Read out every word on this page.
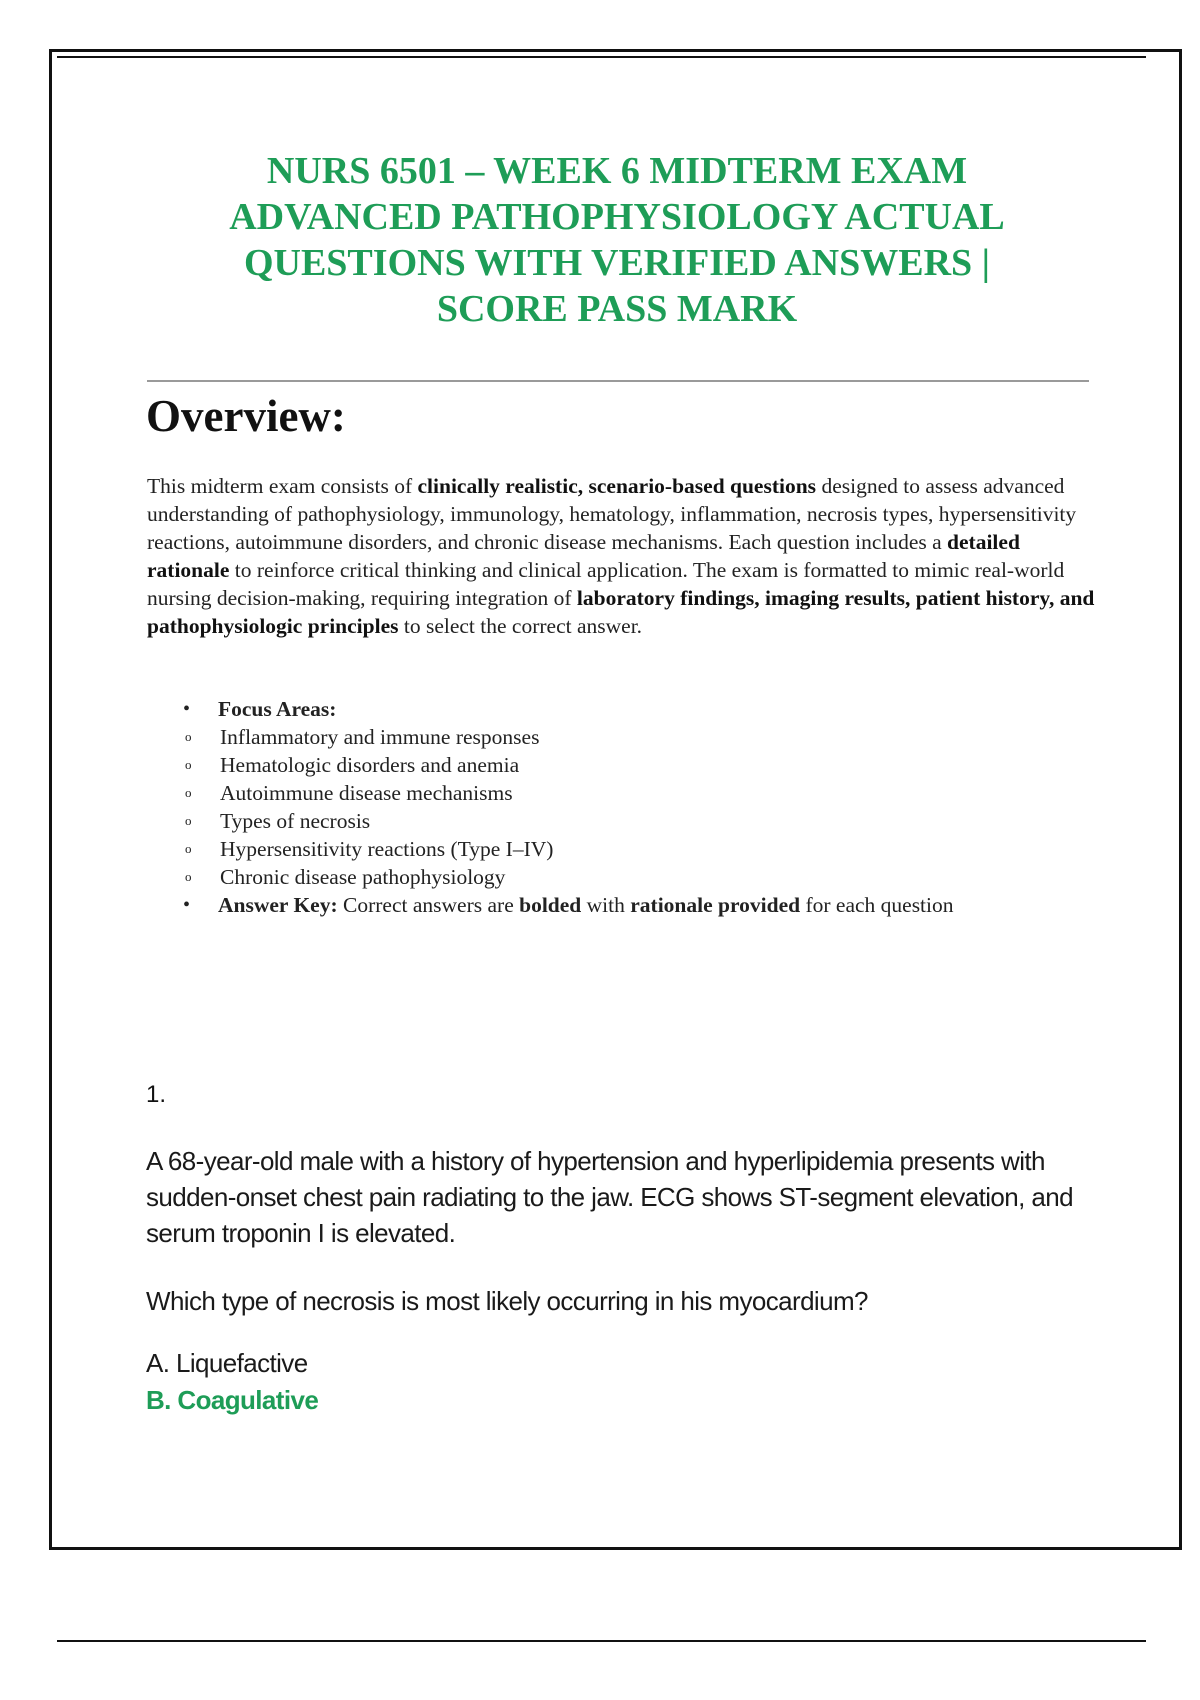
NURS 6501 – WEEK 6 MIDTERM EXAM
ADVANCED PATHOPHYSIOLOGY ACTUAL
QUESTIONS WITH VERIFIED ANSWERS |
SCORE PASS MARK
Overview:

This midterm exam consists of clinically realistic, scenario-based questions designed to assess advanced understanding of pathophysiology, immunology, hematology, inflammation, necrosis types, hypersensitivity reactions, autoimmune disorders, and chronic disease mechanisms. Each question includes a detailed rationale to reinforce critical thinking and clinical application. The exam is formatted to mimic real-world nursing decision-making, requiring integration of laboratory findings, imaging results, patient history, and pathophysiologic principles to select the correct answer.

• Focus Areas:
o Inflammatory and immune responses
o Hematologic disorders and anemia
o Autoimmune disease mechanisms
o Types of necrosis
o Hypersensitivity reactions (Type I–IV)
o Chronic disease pathophysiology
• Answer Key: Correct answers are bolded with rationale provided for each question

1.

A 68-year-old male with a history of hypertension and hyperlipidemia presents with sudden-onset chest pain radiating to the jaw. ECG shows ST-segment elevation, and serum troponin I is elevated.

Which type of necrosis is most likely occurring in his myocardium?

A. Liquefactive
B. Coagulative
